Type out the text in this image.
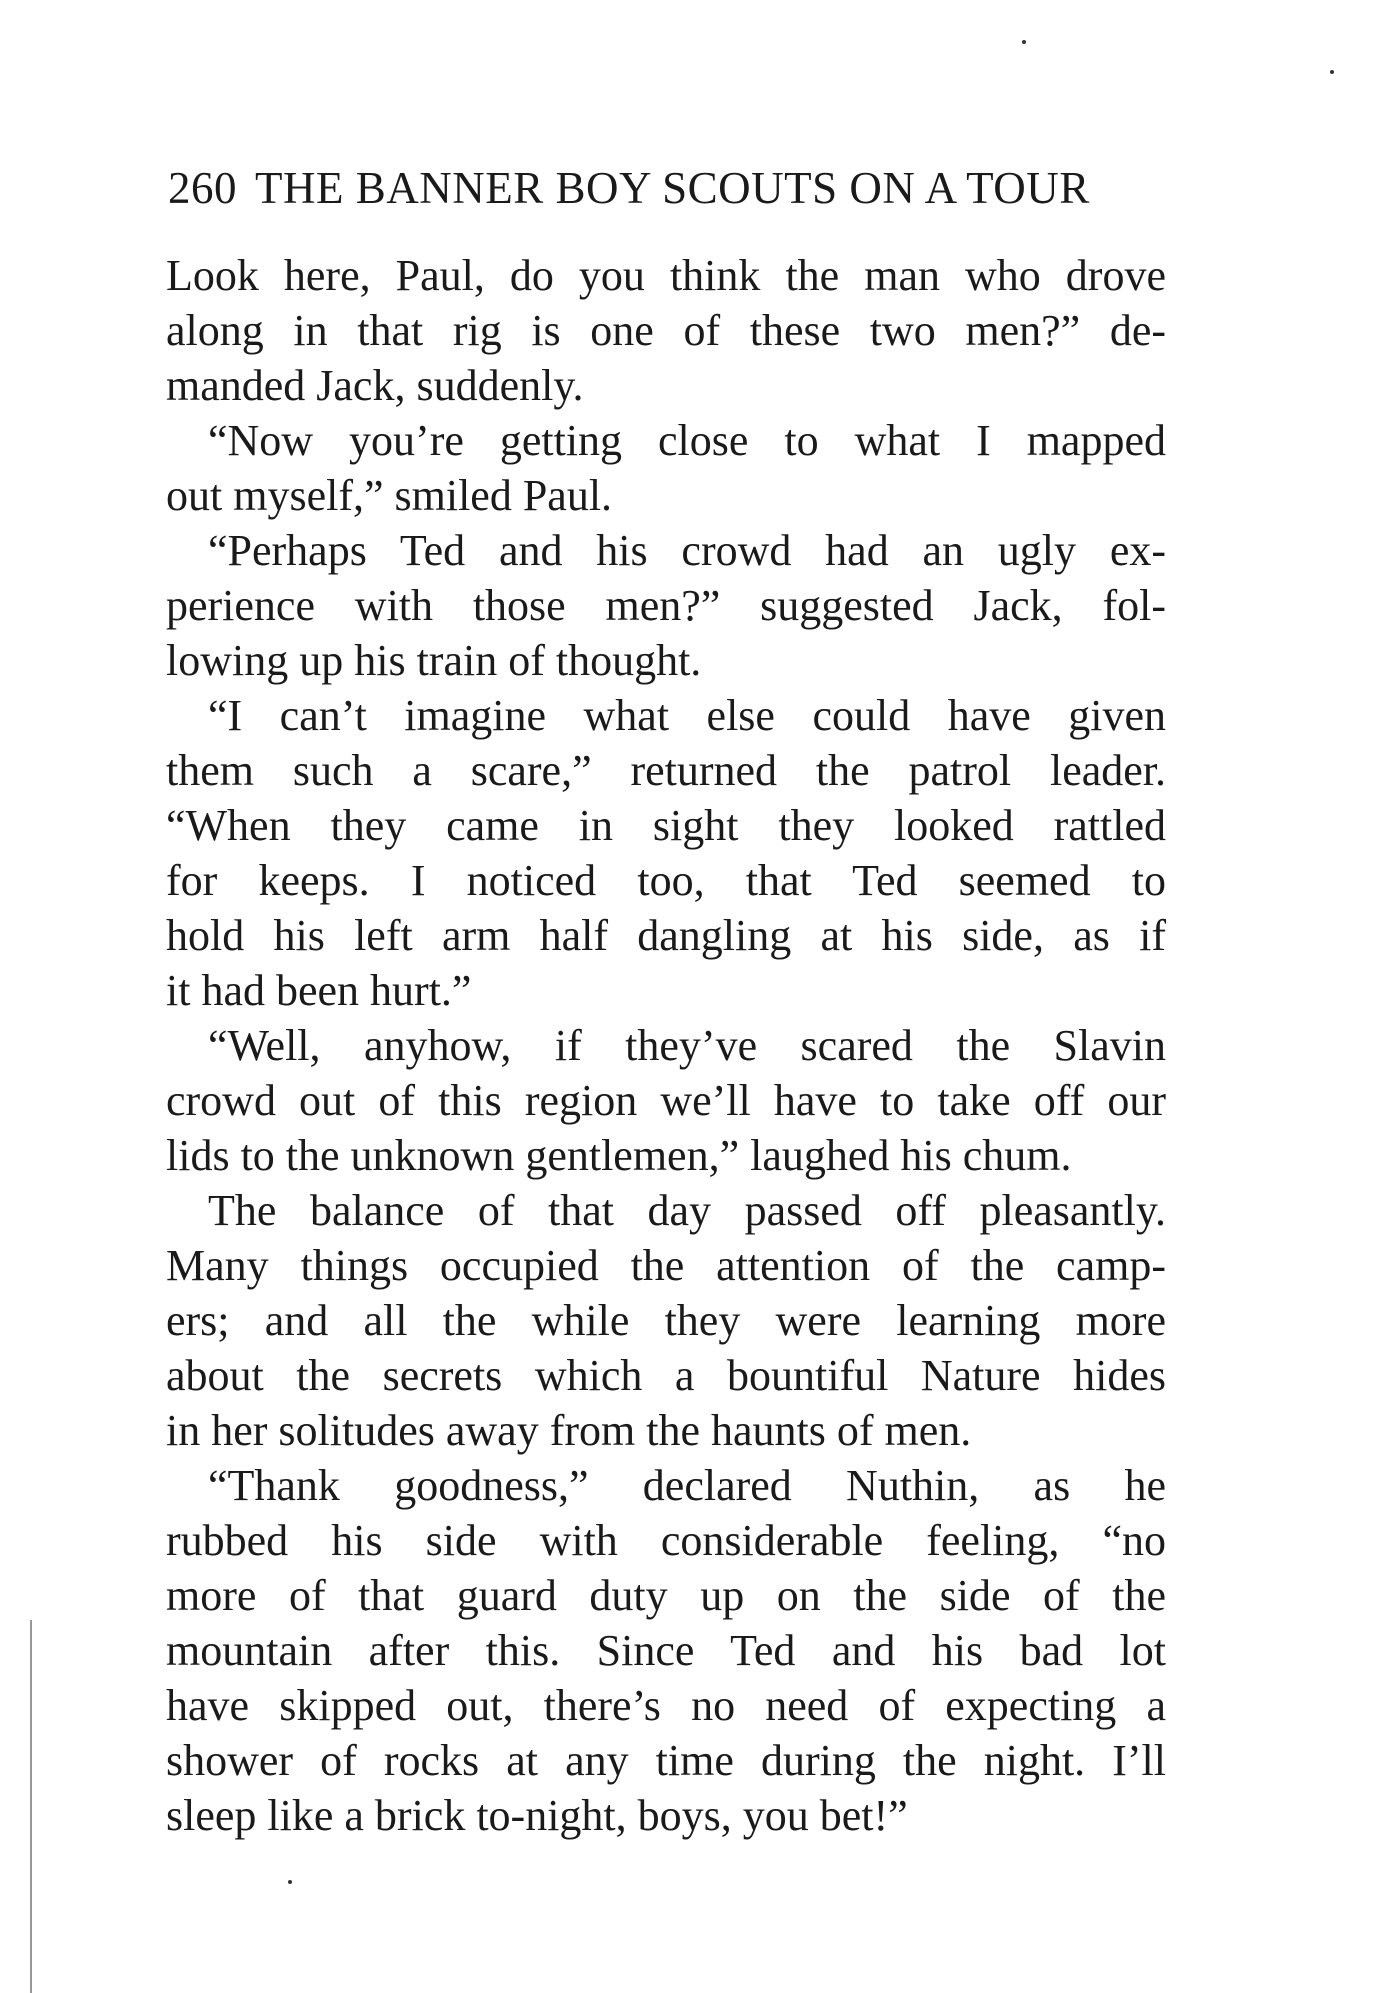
260 THE BANNER BOY SCOUTS ON A TOUR
Look here, Paul, do you think the man who drove
along in that rig is one of these two men?” de-
manded Jack, suddenly.
“Now you’re getting close to what I mapped
out myself,” smiled Paul.
“Perhaps Ted and his crowd had an ugly ex-
perience with those men?” suggested Jack, fol-
lowing up his train of thought.
“I can’t imagine what else could have given
them such a scare,” returned the patrol leader.
“When they came in sight they looked rattled
for keeps. I noticed too, that Ted seemed to
hold his left arm half dangling at his side, as if
it had been hurt.”
“Well, anyhow, if they’ve scared the Slavin
crowd out of this region we’ll have to take off our
lids to the unknown gentlemen,” laughed his chum.
The balance of that day passed off pleasantly.
Many things occupied the attention of the camp-
ers; and all the while they were learning more
about the secrets which a bountiful Nature hides
in her solitudes away from the haunts of men.
“Thank goodness,” declared Nuthin, as he
rubbed his side with considerable feeling, “no
more of that guard duty up on the side of the
mountain after this. Since Ted and his bad lot
have skipped out, there’s no need of expecting a
shower of rocks at any time during the night. I’ll
sleep like a brick to-night, boys, you bet!”
